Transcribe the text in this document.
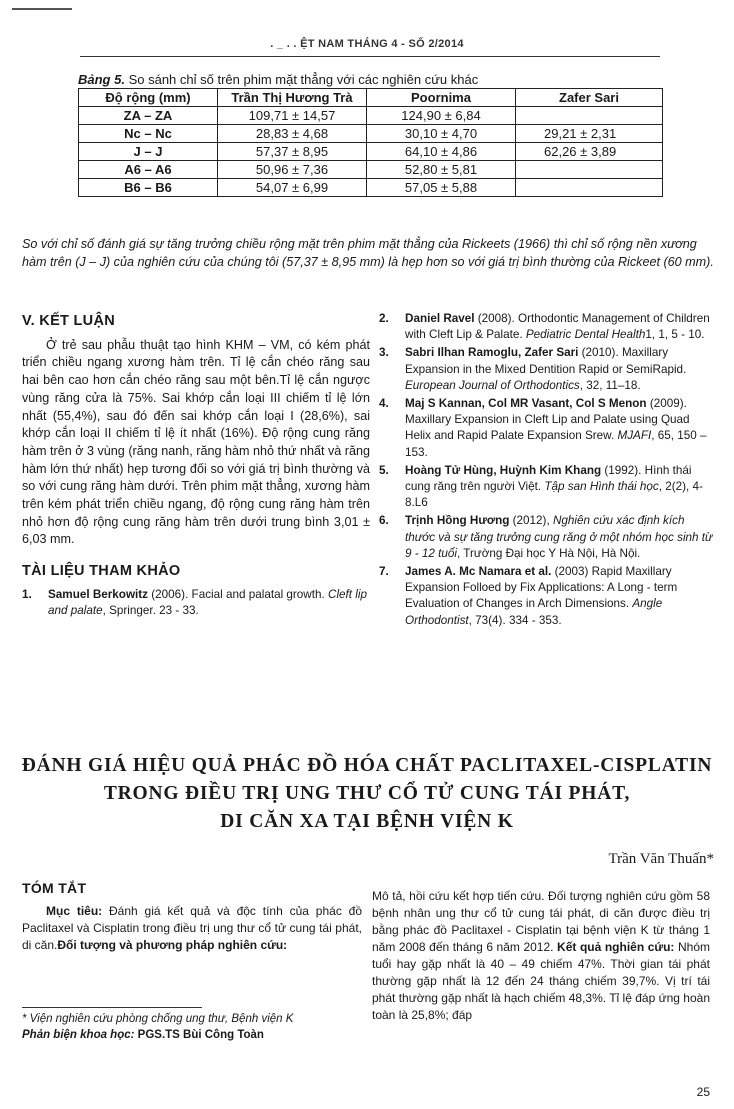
. _ . . ỆT NAM THÁNG 4 - SỐ 2/2014
Bảng 5. So sánh chỉ số trên phim mặt thẳng với các nghiên cứu khác
Độ rộng (mm)	Trần Thị Hương Trà	Poornima	Zafer Sari
ZA – ZA	109,71 ± 14,57	124,90 ± 6,84	
Nc – Nc	28,83 ± 4,68	30,10 ± 4,70	29,21 ± 2,31
J – J	57,37 ± 8,95	64,10 ± 4,86	62,26 ± 3,89
A6 – A6	50,96 ± 7,36	52,80 ± 5,81	
B6 – B6	54,07 ± 6,99	57,05 ± 5,88	
So với chỉ số đánh giá sự tăng trưởng chiều rộng mặt trên phim mặt thẳng của Rickeets (1966) thì chỉ số rộng nền xương hàm trên (J – J) của nghiên cứu của chúng tôi (57,37 ± 8,95 mm) là hẹp hơn so với giá trị bình thường của Rickeet (60 mm).
V. KẾT LUẬN

Ở trẻ sau phẫu thuật tạo hình KHM – VM, có kém phát triển chiều ngang xương hàm trên. Tỉ lệ cắn chéo răng sau hai bên cao hơn cắn chéo răng sau một bên.Tỉ lệ cắn ngược vùng răng cửa là 75%. Sai khớp cắn loại III chiếm tỉ lệ lớn nhất (55,4%), sau đó đến sai khớp cắn loại I (28,6%), sai khớp cắn loại II chiếm tỉ lệ ít nhất (16%). Độ rộng cung răng hàm trên ở 3 vùng (răng nanh, răng hàm nhỏ thứ nhất và răng hàm lớn thứ nhất) hẹp tương đối so với giá trị bình thường và so với cung răng hàm dưới. Trên phim mặt thẳng, xương hàm trên kém phát triển chiều ngang, độ rộng cung răng hàm trên nhỏ hơn độ rộng cung răng hàm trên dưới trung bình 3,01 ± 6,03 mm.

TÀI LIỆU THAM KHẢO
1.	Samuel Berkowitz (2006). Facial and palatal growth. Cleft lip and palate, Springer. 23 - 33.
2.	Daniel Ravel (2008). Orthodontic Management of Children with Cleft Lip & Palate. Pediatric Dental Health1, 1, 5 - 10.
3.	Sabri Ilhan Ramoglu, Zafer Sari (2010). Maxillary Expansion in the Mixed Dentition Rapid or SemiRapid. European Journal of Orthodontics, 32, 11–18.
4.	Maj S Kannan, Col MR Vasant, Col S Menon (2009). Maxillary Expansion in Cleft Lip and Palate using Quad Helix and Rapid Palate Expansion Srew. MJAFI, 65, 150 – 153.
5.	Hoàng Tử Hùng, Huỳnh Kim Khang (1992). Hình thái cung răng trên người Việt. Tập san Hình thái học, 2(2), 4-8.L6
6.	Trịnh Hồng Hương (2012), Nghiên cứu xác định kích thước và sự tăng trưởng cung răng ở một nhóm học sinh từ 9 - 12 tuổi, Trường Đại học Y Hà Nội, Hà Nội.
7.	James A. Mc Namara et al. (2003) Rapid Maxillary Expansion Folloed by Fix Applications: A Long - term Evaluation of Changes in Arch Dimensions. Angle Orthodontist, 73(4). 334 - 353.
ĐÁNH GIÁ HIỆU QUẢ PHÁC ĐỒ HÓA CHẤT PACLITAXEL-CISPLATIN
TRONG ĐIỀU TRỊ UNG THƯ CỔ TỬ CUNG TÁI PHÁT,
DI CĂN XA TẠI BỆNH VIỆN K
Trần Văn Thuấn*
TÓM TẮT

Mục tiêu: Đánh giá kết quả và độc tính của phác đồ Paclitaxel và Cisplatin trong điều trị ung thư cổ tử cung tái phát, di căn.Đối tượng và phương pháp nghiên cứu:

* Viện nghiên cứu phòng chống ung thư, Bệnh viện K
Phản biện khoa học: PGS.TS Bùi Công Toàn
Mô tả, hồi cứu kết hợp tiến cứu. Đối tượng nghiên cứu gồm 58 bệnh nhân ung thư cổ tử cung tái phát, di căn được điều trị bằng phác đồ Paclitaxel - Cisplatin tại bệnh viện K từ tháng 1 năm 2008 đến tháng 6 năm 2012. Kết quả nghiên cứu: Nhóm tuổi hay gặp nhất là 40 – 49 chiếm 47%. Thời gian tái phát thường gặp nhất là 12 đến 24 tháng chiếm 39,7%. Vị trí tái phát thường gặp nhất là hạch chiếm 48,3%. Tỉ lệ đáp ứng hoàn toàn là 25,8%; đáp
25
